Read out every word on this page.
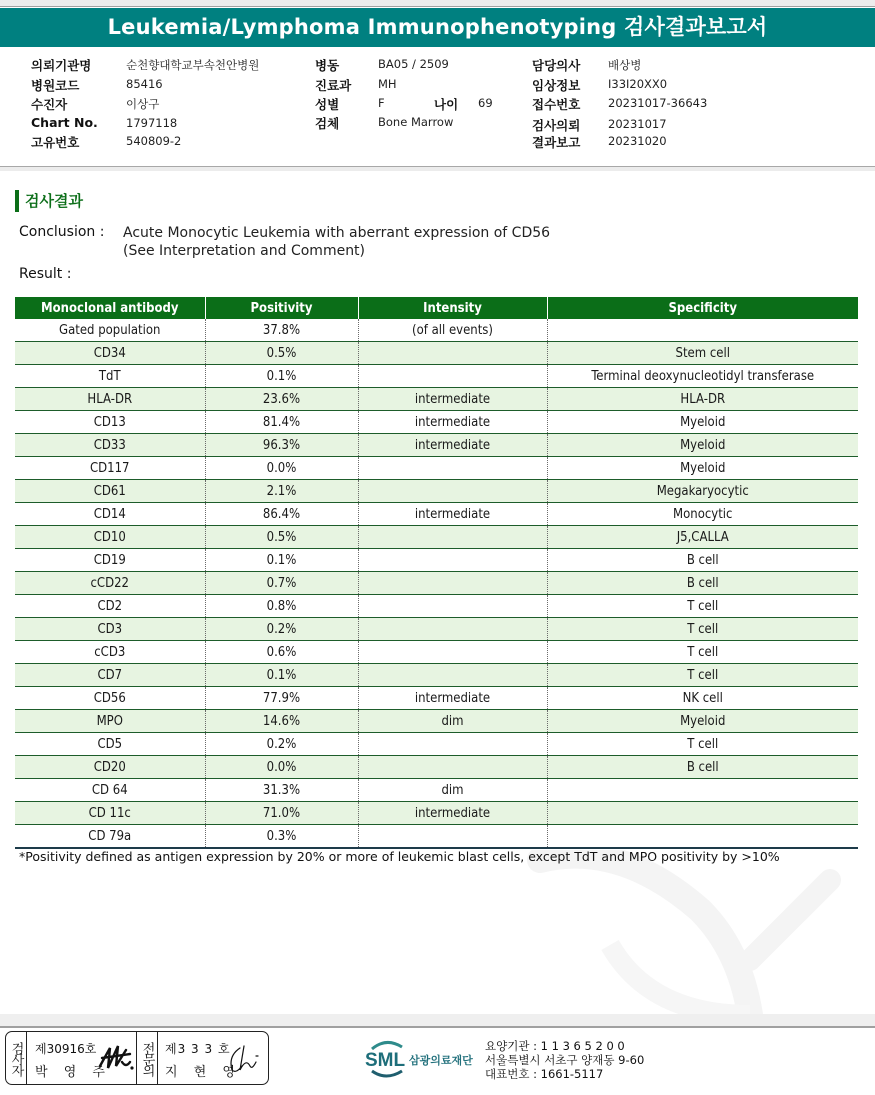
Leukemia/Lymphoma Immunophenotyping 검사결과보고서
의뢰기관명	순천향대학교부속천안병원
병원코드	85416
수진자	이상구
Chart No. 1797118
고유번호	540809-2
병동	BA05 / 2509
진료과 MH
성별	F
검체	Bone Marrow
담당의사 배상병
임상정보 I33I20XX0
접수번호 20231017-36643
검사의뢰 20231017
결과보고 20231020
나이 69
검사결과
Conclusion : Acute Monocytic Leukemia with aberrant expression of CD56
(See Interpretation and Comment)
Result :
Monoclonal antibody	Positivity	Intensity	Specificity
Gated population	37.8%	(of all events)	
CD34	0.5%		Stem cell
TdT	0.1%		Terminal deoxynucleotidyl transferase
HLA-DR	23.6%	intermediate	HLA-DR
CD13	81.4%	intermediate	Myeloid
CD33	96.3%	intermediate	Myeloid
CD117	0.0%		Myeloid
CD61	2.1%		Megakaryocytic
CD14	86.4%	intermediate	Monocytic
CD10	0.5%		J5,CALLA
CD19	0.1%		B cell
cCD22	0.7%		B cell
CD2	0.8%		T cell
CD3	0.2%		T cell
cCD3	0.6%		T cell
CD7	0.1%		T cell
CD56	77.9%	intermediate	NK cell
MPO	14.6%	dim	Myeloid
CD5	0.2%		T cell
CD20	0.0%		B cell
CD 64	31.3%	dim	
CD 11c	71.0%	intermediate	
CD 79a	0.3%		
*Positivity defined as antigen expression by 20% or more of leukemic blast cells, except TdT and MPO positivity by >10%
검사자 제30916호
박 영 주 전문의 제3 3 3 호
지 현 영
SML 삼광의료재단
요양기관 : 1 1 3 6 5 2 0 0
서울특별시 서초구 양재동 9-60
대표번호 : 1661-5117
